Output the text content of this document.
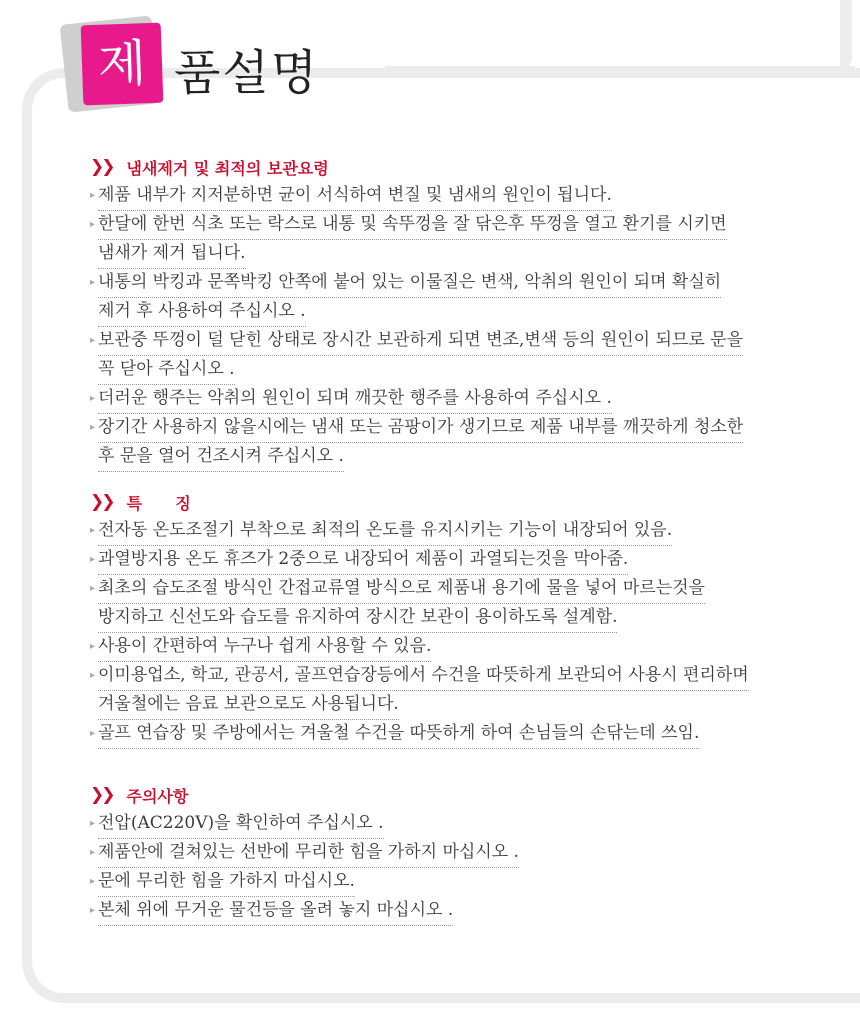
제 품설명
❯❯ 냄새제거 및 최적의 보관요령
▸ 제품 내부가 지저분하면 균이 서식하여 변질 및 냄새의 원인이 됩니다.
▸ 한달에 한번 식초 또는 락스로 내통 및 속뚜껑을 잘 닦은후 뚜껑을 열고 환기를 시키면
냄새가 제거 됩니다.
▸ 내통의 박킹과 문쪽박킹 안쪽에 붙어 있는 이물질은 변색, 악취의 원인이 되며 확실히
제거 후 사용하여 주십시오 .
▸ 보관중 뚜껑이 덜 닫힌 상태로 장시간 보관하게 되면 변조,변색 등의 원인이 되므로 문을
꼭 닫아 주십시오 .
▸ 더러운 행주는 악취의 원인이 되며 깨끗한 행주를 사용하여 주십시오 .
▸ 장기간 사용하지 않을시에는 냄새 또는 곰팡이가 생기므로 제품 내부를 깨끗하게 청소한
후 문을 열어 건조시켜 주십시오 .
❯❯ 특      징
▸ 전자동 온도조절기 부착으로 최적의 온도를 유지시키는 기능이 내장되어 있음.
▸ 과열방지용 온도 휴즈가 2중으로 내장되어 제품이 과열되는것을 막아줌.
▸ 최초의 습도조절 방식인 간접교류열 방식으로 제품내 용기에 물을 넣어 마르는것을
방지하고 신선도와 습도를 유지하여 장시간 보관이 용이하도록 설계함.
▸ 사용이 간편하여 누구나 쉽게 사용할 수 있음.
▸ 이미용업소, 학교, 관공서, 골프연습장등에서 수건을 따뜻하게 보관되어 사용시 편리하며
겨울철에는 음료 보관으로도 사용됩니다.
▸ 골프 연습장 및 주방에서는 겨울철 수건을 따뜻하게 하여 손님들의 손닦는데 쓰임.
❯❯ 주의사항
▸ 전압(AC220V)을 확인하여 주십시오 .
▸ 제품안에 걸쳐있는 선반에 무리한 힘을 가하지 마십시오 .
▸ 문에 무리한 힘을 가하지 마십시오.
▸ 본체 위에 무거운 물건등을 올려 놓지 마십시오 .
